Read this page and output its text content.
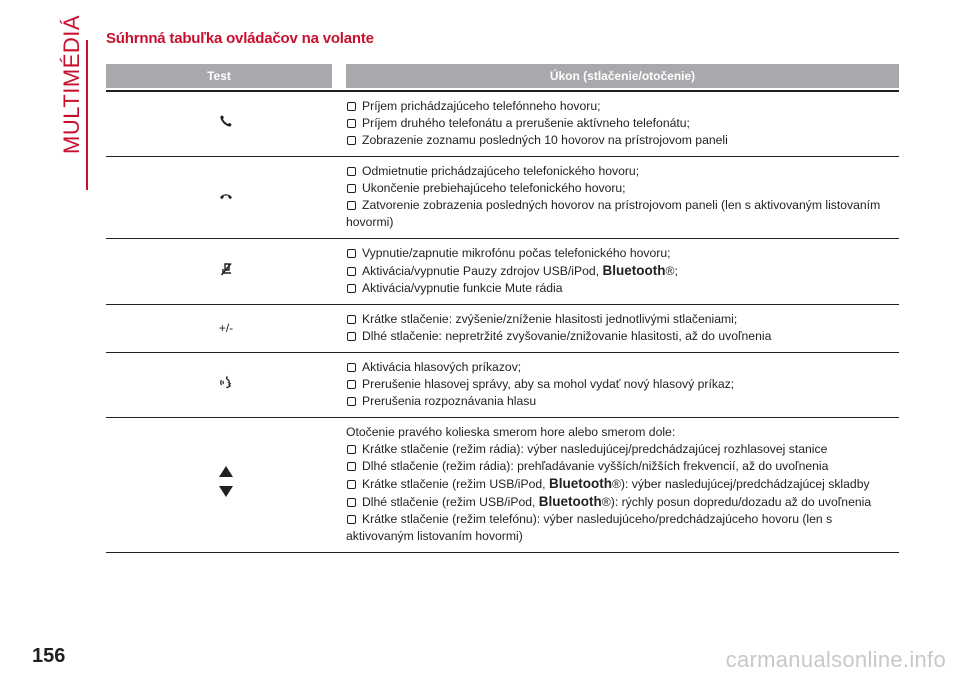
MULTIMÉDIÁ Súhrnná tabuľka ovládačov na volante
Test	Úkon (stlačenie/otočenie)
Príjem prichádzajúceho telefónneho hovoru;
Príjem druhého telefonátu a prerušenie aktívneho telefonátu;
Zobrazenie zoznamu posledných 10 hovorov na prístrojovom paneli
Odmietnutie prichádzajúceho telefonického hovoru;
Ukončenie prebiehajúceho telefonického hovoru;
Zatvorenie zobrazenia posledných hovorov na prístrojovom paneli (len s aktivovaným listovaním hovormi)
Vypnutie/zapnutie mikrofónu počas telefonického hovoru;
Aktivácia/vypnutie Pauzy zdrojov USB/iPod, Bluetooth®;
Aktivácia/vypnutie funkcie Mute rádia
+/-
Krátke stlačenie: zvýšenie/zníženie hlasitosti jednotlivými stlačeniami;
Dlhé stlačenie: nepretržité zvyšovanie/znižovanie hlasitosti, až do uvoľnenia
Aktivácia hlasových príkazov;
Prerušenie hlasovej správy, aby sa mohol vydať nový hlasový príkaz;
Prerušenia rozpoznávania hlasu
Otočenie pravého kolieska smerom hore alebo smerom dole:
Krátke stlačenie (režim rádia): výber nasledujúcej/predchádzajúcej rozhlasovej stanice
Dlhé stlačenie (režim rádia): prehľadávanie vyšších/nižších frekvencií, až do uvoľnenia
Krátke stlačenie (režim USB/iPod, Bluetooth®): výber nasledujúcej/predchádzajúcej skladby
Dlhé stlačenie (režim USB/iPod, Bluetooth®): rýchly posun dopredu/dozadu až do uvoľnenia
Krátke stlačenie (režim telefónu): výber nasledujúceho/predchádzajúceho hovoru (len s aktivovaným listovaním hovormi)
156	carmanualsonline.info
